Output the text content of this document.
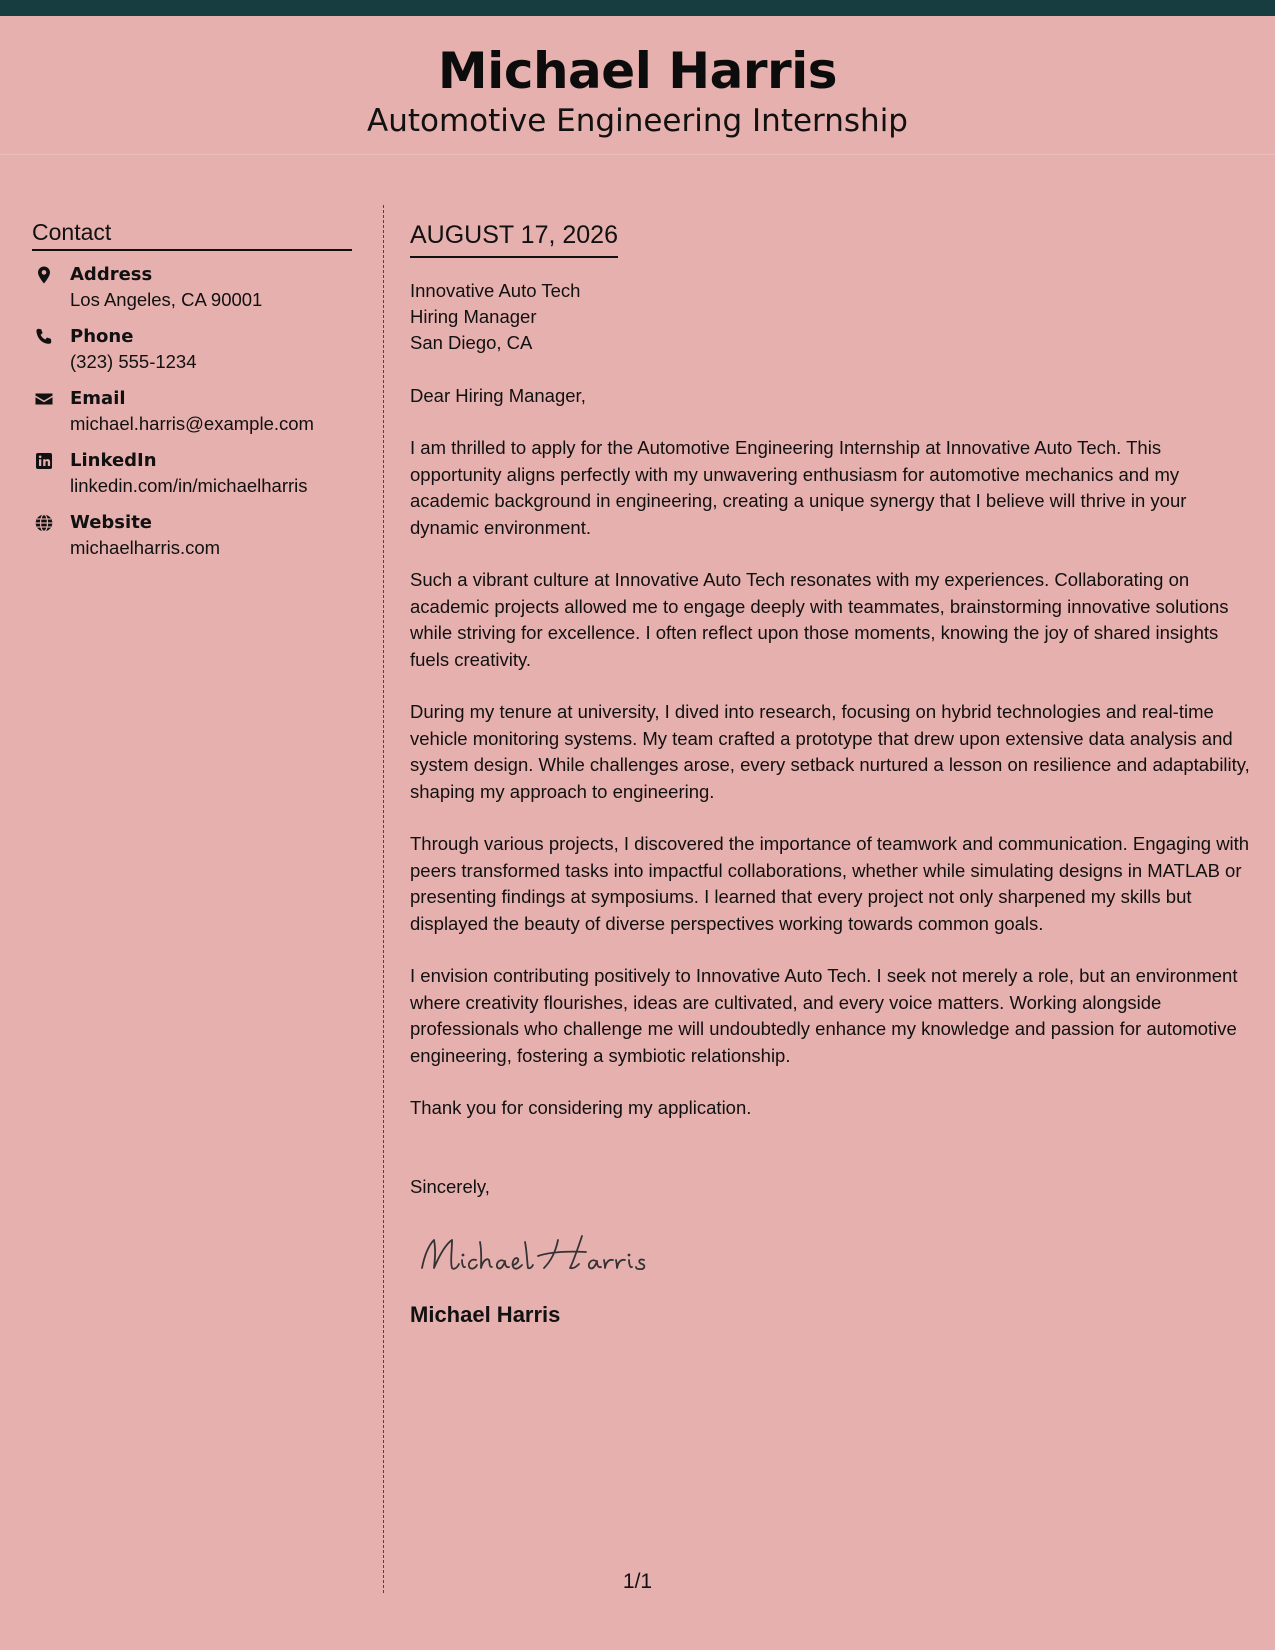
Michael Harris
Automotive Engineering Internship
Contact
Address
Los Angeles, CA 90001
Phone
(323) 555-1234
Email
michael.harris@example.com
LinkedIn
linkedin.com/in/michaelharris
Website
michaelharris.com
AUGUST 17, 2026
Innovative Auto Tech
Hiring Manager
San Diego, CA

Dear Hiring Manager,

I am thrilled to apply for the Automotive Engineering Internship at Innovative Auto Tech. This opportunity aligns perfectly with my unwavering enthusiasm for automotive mechanics and my academic background in engineering, creating a unique synergy that I believe will thrive in your dynamic environment.

Such a vibrant culture at Innovative Auto Tech resonates with my experiences. Collaborating on academic projects allowed me to engage deeply with teammates, brainstorming innovative solutions while striving for excellence. I often reflect upon those moments, knowing the joy of shared insights fuels creativity.

During my tenure at university, I dived into research, focusing on hybrid technologies and real-time vehicle monitoring systems. My team crafted a prototype that drew upon extensive data analysis and system design. While challenges arose, every setback nurtured a lesson on resilience and adaptability, shaping my approach to engineering.

Through various projects, I discovered the importance of teamwork and communication. Engaging with peers transformed tasks into impactful collaborations, whether while simulating designs in MATLAB or presenting findings at symposiums. I learned that every project not only sharpened my skills but displayed the beauty of diverse perspectives working towards common goals.

I envision contributing positively to Innovative Auto Tech. I seek not merely a role, but an environment where creativity flourishes, ideas are cultivated, and every voice matters. Working alongside professionals who challenge me will undoubtedly enhance my knowledge and passion for automotive engineering, fostering a symbiotic relationship.

Thank you for considering my application.

Sincerely,
Michael Harris
1/1
